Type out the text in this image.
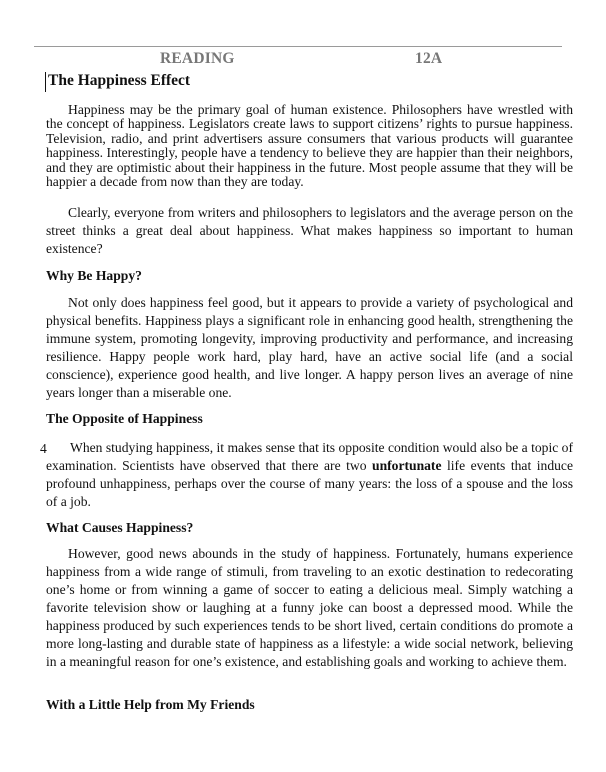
READING	12A
The Happiness Effect

Happiness may be the primary goal of human existence. Philosophers have wrestled with the concept of happiness. Legislators create laws to support citizens’ rights to pursue happiness. Television, radio, and print advertisers assure consumers that various products will guarantee happiness. Interestingly, people have a tendency to believe they are happier than their neighbors, and they are optimistic about their happiness in the future. Most people assume that they will be happier a decade from now than they are today.

Clearly, everyone from writers and philosophers to legislators and the average person on the street thinks a great deal about happiness. What makes happiness so important to human existence?

Why Be Happy?

Not only does happiness feel good, but it appears to provide a variety of psychological and physical benefits. Happiness plays a significant role in enhancing good health, strengthening the immune system, promoting longevity, improving productivity and performance, and increasing resilience. Happy people work hard, play hard, have an active social life (and a social conscience), experience good health, and live longer. A happy person lives an average of nine years longer than a miserable one.

The Opposite of Happiness
4	When studying happiness, it makes sense that its opposite condition would also be a topic of examination. Scientists have observed that there are two unfortunate life events that induce profound unhappiness, perhaps over the course of many years: the loss of a spouse and the loss of a job.

What Causes Happiness?

However, good news abounds in the study of happiness. Fortunately, humans experience happiness from a wide range of stimuli, from traveling to an exotic destination to redecorating one’s home or from winning a game of soccer to eating a delicious meal. Simply watching a favorite television show or laughing at a funny joke can boost a depressed mood. While the happiness produced by such experiences tends to be short lived, certain conditions do promote a more long-lasting and durable state of happiness as a lifestyle: a wide social network, believing in a meaningful reason for one’s existence, and establishing goals and working to achieve them.

With a Little Help from My Friends
